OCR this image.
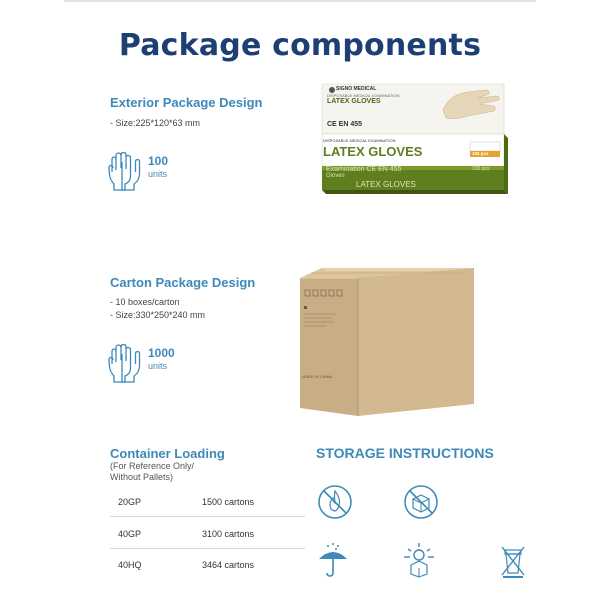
Package components
Exterior Package Design
- Size:225*120*63 mm
100
units
SIGNO MEDICAL
DISPOSABLE MEDICAL EXAMINATION
LATEX GLOVES
CE EN 455
DISPOSABLE MEDICAL EXAMINATION
LATEX GLOVES	100 pcs
Examination CE EN 455
Gloves
LATEX GLOVES
100 pcs
Carton Package Design
- 10 boxes/carton
- Size:330*250*240 mm
1000
units
MADE IN CHINA
Container Loading
(For Reference Only/
Without Pallets)
20GP	1500 cartons
40GP	3100 cartons
40HQ	3464 cartons
STORAGE INSTRUCTIONS
